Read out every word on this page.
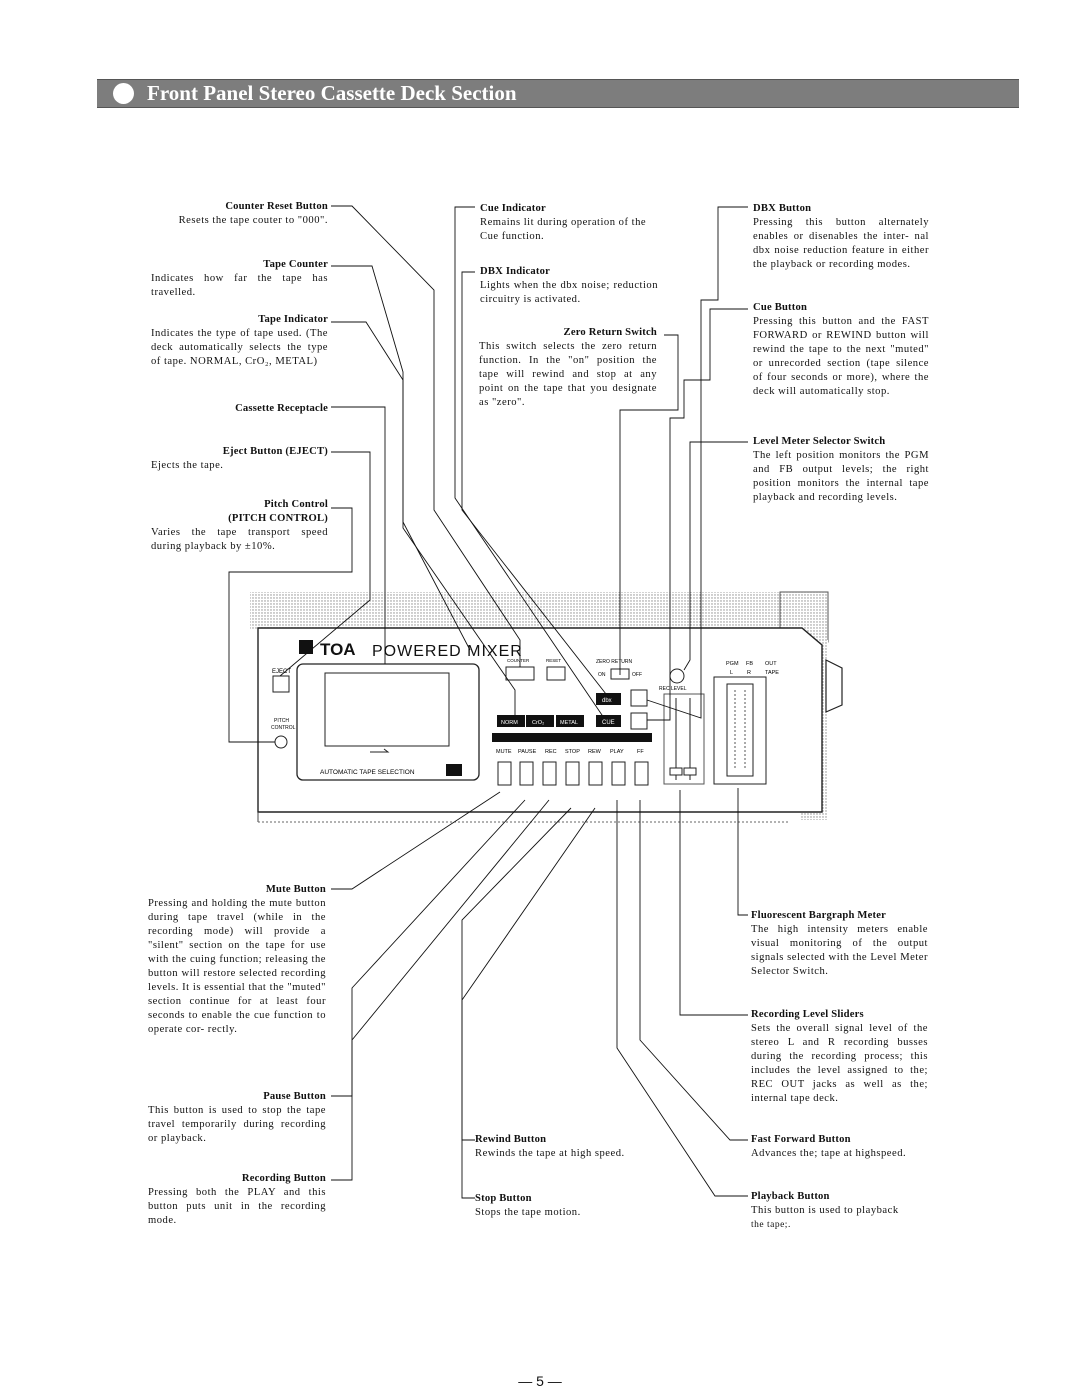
Front Panel Stereo Cassette Deck Section
Counter Reset Button
Resets the tape couter to "000".
Tape Counter
Indicates how far the tape has travelled.
Tape Indicator
Indicates the type of tape used. (The deck automatically selects the type of tape. NORMAL, CrO₂, METAL)
Cassette Receptacle
Eject Button (EJECT)
Ejects the tape.
Pitch Control
(PITCH CONTROL)
Varies the tape transport speed during playback by ±10%.
Mute Button
Pressing and holding the mute button during tape travel (while in the recording mode) will provide a "silent" section on the tape for use with the cuing function; releasing the button will restore selected recording levels. It is essential that the "muted" section continue for at least four seconds to enable the cue function to operate cor- rectly.
Pause Button
This button is used to stop the tape travel temporarily during recording or playback.
Recording Button
Pressing both the PLAY and this button puts unit in the recording mode.
Cue Indicator
Remains lit during operation of the Cue function.
DBX Indicator
Lights when the dbx noise; reduction circuitry is activated.
Zero Return Switch
This switch selects the zero return function. In the "on" position the tape will rewind and stop at any point on the tape that you designate as "zero".
Rewind Button
Rewinds the tape at high speed.
Stop Button
Stops the tape motion.
DBX Button
Pressing this button alternately enables or disenables the inter- nal dbx noise reduction feature in either the playback or recording modes.
Cue Button
Pressing this button and the FAST FORWARD or REWIND button will rewind the tape to the next "muted" or unrecorded section (tape silence of four seconds or more), where the deck will automatically stop.
Level Meter Selector Switch
The left position monitors the PGM and FB output levels; the right position monitors the internal tape playback and recording levels.
Fluorescent Bargraph Meter
The high intensity meters enable visual monitoring of the output signals selected with the Level Meter Selector Switch.
Recording Level Sliders
Sets the overall signal level of the stereo L and R recording busses during the recording process; this includes the level assigned to the; REC OUT jacks as well as the; internal tape deck.
Fast Forward Button
Advances the; tape at highspeed.
Playback Button
This button is used to playback
the tape;.
TOA POWERED MIXER
EJECT
PITCH
CONTROL
AUTOMATIC TAPE SELECTION
COUNTER	RESET	ZERO RETURN
ON	OFF
dbx
CUE
NORM	CrO₂	METAL
MUTE PAUSE REC STOP REW PLAY FF
REC LEVEL
PGM FB OUT
L	R	TAPE
— 5 —
